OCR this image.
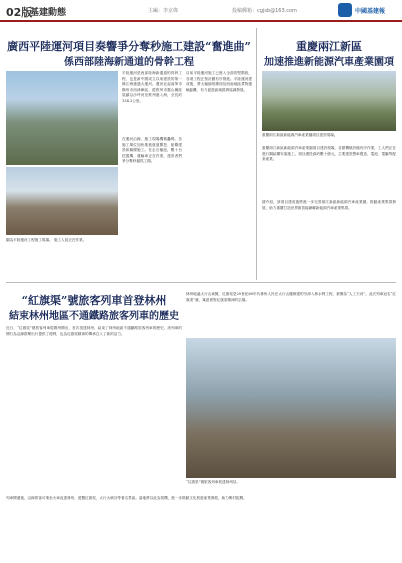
02版
基建動態	主編：李京偉	投稿郵箱：cgjsb@163.com	中國基建報
廣西平陸運河項目奏響爭分奪秒施工建設“奮進曲”
係西部陸海新通道的骨幹工程
平陸運河是西部陸海新通道的骨幹工程，也是新中國成立以來建設的第一條江海連通大運河。運河北起南寧市橫州市西津庫區，經欽州市靈山縣陸屋鎮沿沙坪河至欽州港入海，全長約134.2公里。
在運河沿線，施工現場機械轟鳴，各施工單位加快推進航道開挖、船閘建設和橋樑施工。在企石樞紐，數十台挖掘機、運輸車正在作業，建設者們爭分奪秒搶抓工期。
目前平陸運河施工已進入全面攻堅階段，各項工程正按計劃有序推進。平陸運河建成後，將大幅縮短廣西及西南地區貨物運輸距離，有力促進區域經濟協調發展。
圖為平陸運河工程施工現場。 施工人員正在作業。
重慶兩江新區
加速推進新能源汽車產業園項
重慶兩江新區新能源汽車產業園項目建設現場。
重慶兩江新區新能源汽車產業園項目建設現場，各類機械設備有序作業，工人們正在進行鋼結構安裝施工。項目總投資約數十億元，主要建設整車製造、電池、電驅等配套產業。
據介紹，該項目建成後將進一步完善兩江新區新能源汽車產業鏈，推動產業集群發展，助力重慶打造世界級智能網聯新能源汽車產業集群。
“紅旗渠”號旅客列車首登林州
結束林州地區不通鐵路旅客列車的歷史
近日，“紅旗渠”號旅客列車從鄭州開出，首次抵達林州，結束了林州地區不通鐵路旅客列車的歷史。該列車的開行為沿線群眾出行提供了便利，也為紅旗渠精神的傳承注入了新的活力。
林州地處太行山東麓，紅旗渠是20世紀60年代林州人民在太行山腰修建的引漳入林水利工程，被譽為“人工天河”。此次列車冠名“紅旗渠”號，寓意著對紅旗渠精神的弘揚。
“紅旗渠”號旅客列車抵達林州站。
列車開通後，沿線旅客可乘坐火車直達林州，遊覽紅旗渠、太行大峽谷等著名景區。當地將以此為契機，進一步推動文化旅遊產業發展，助力鄉村振興。
